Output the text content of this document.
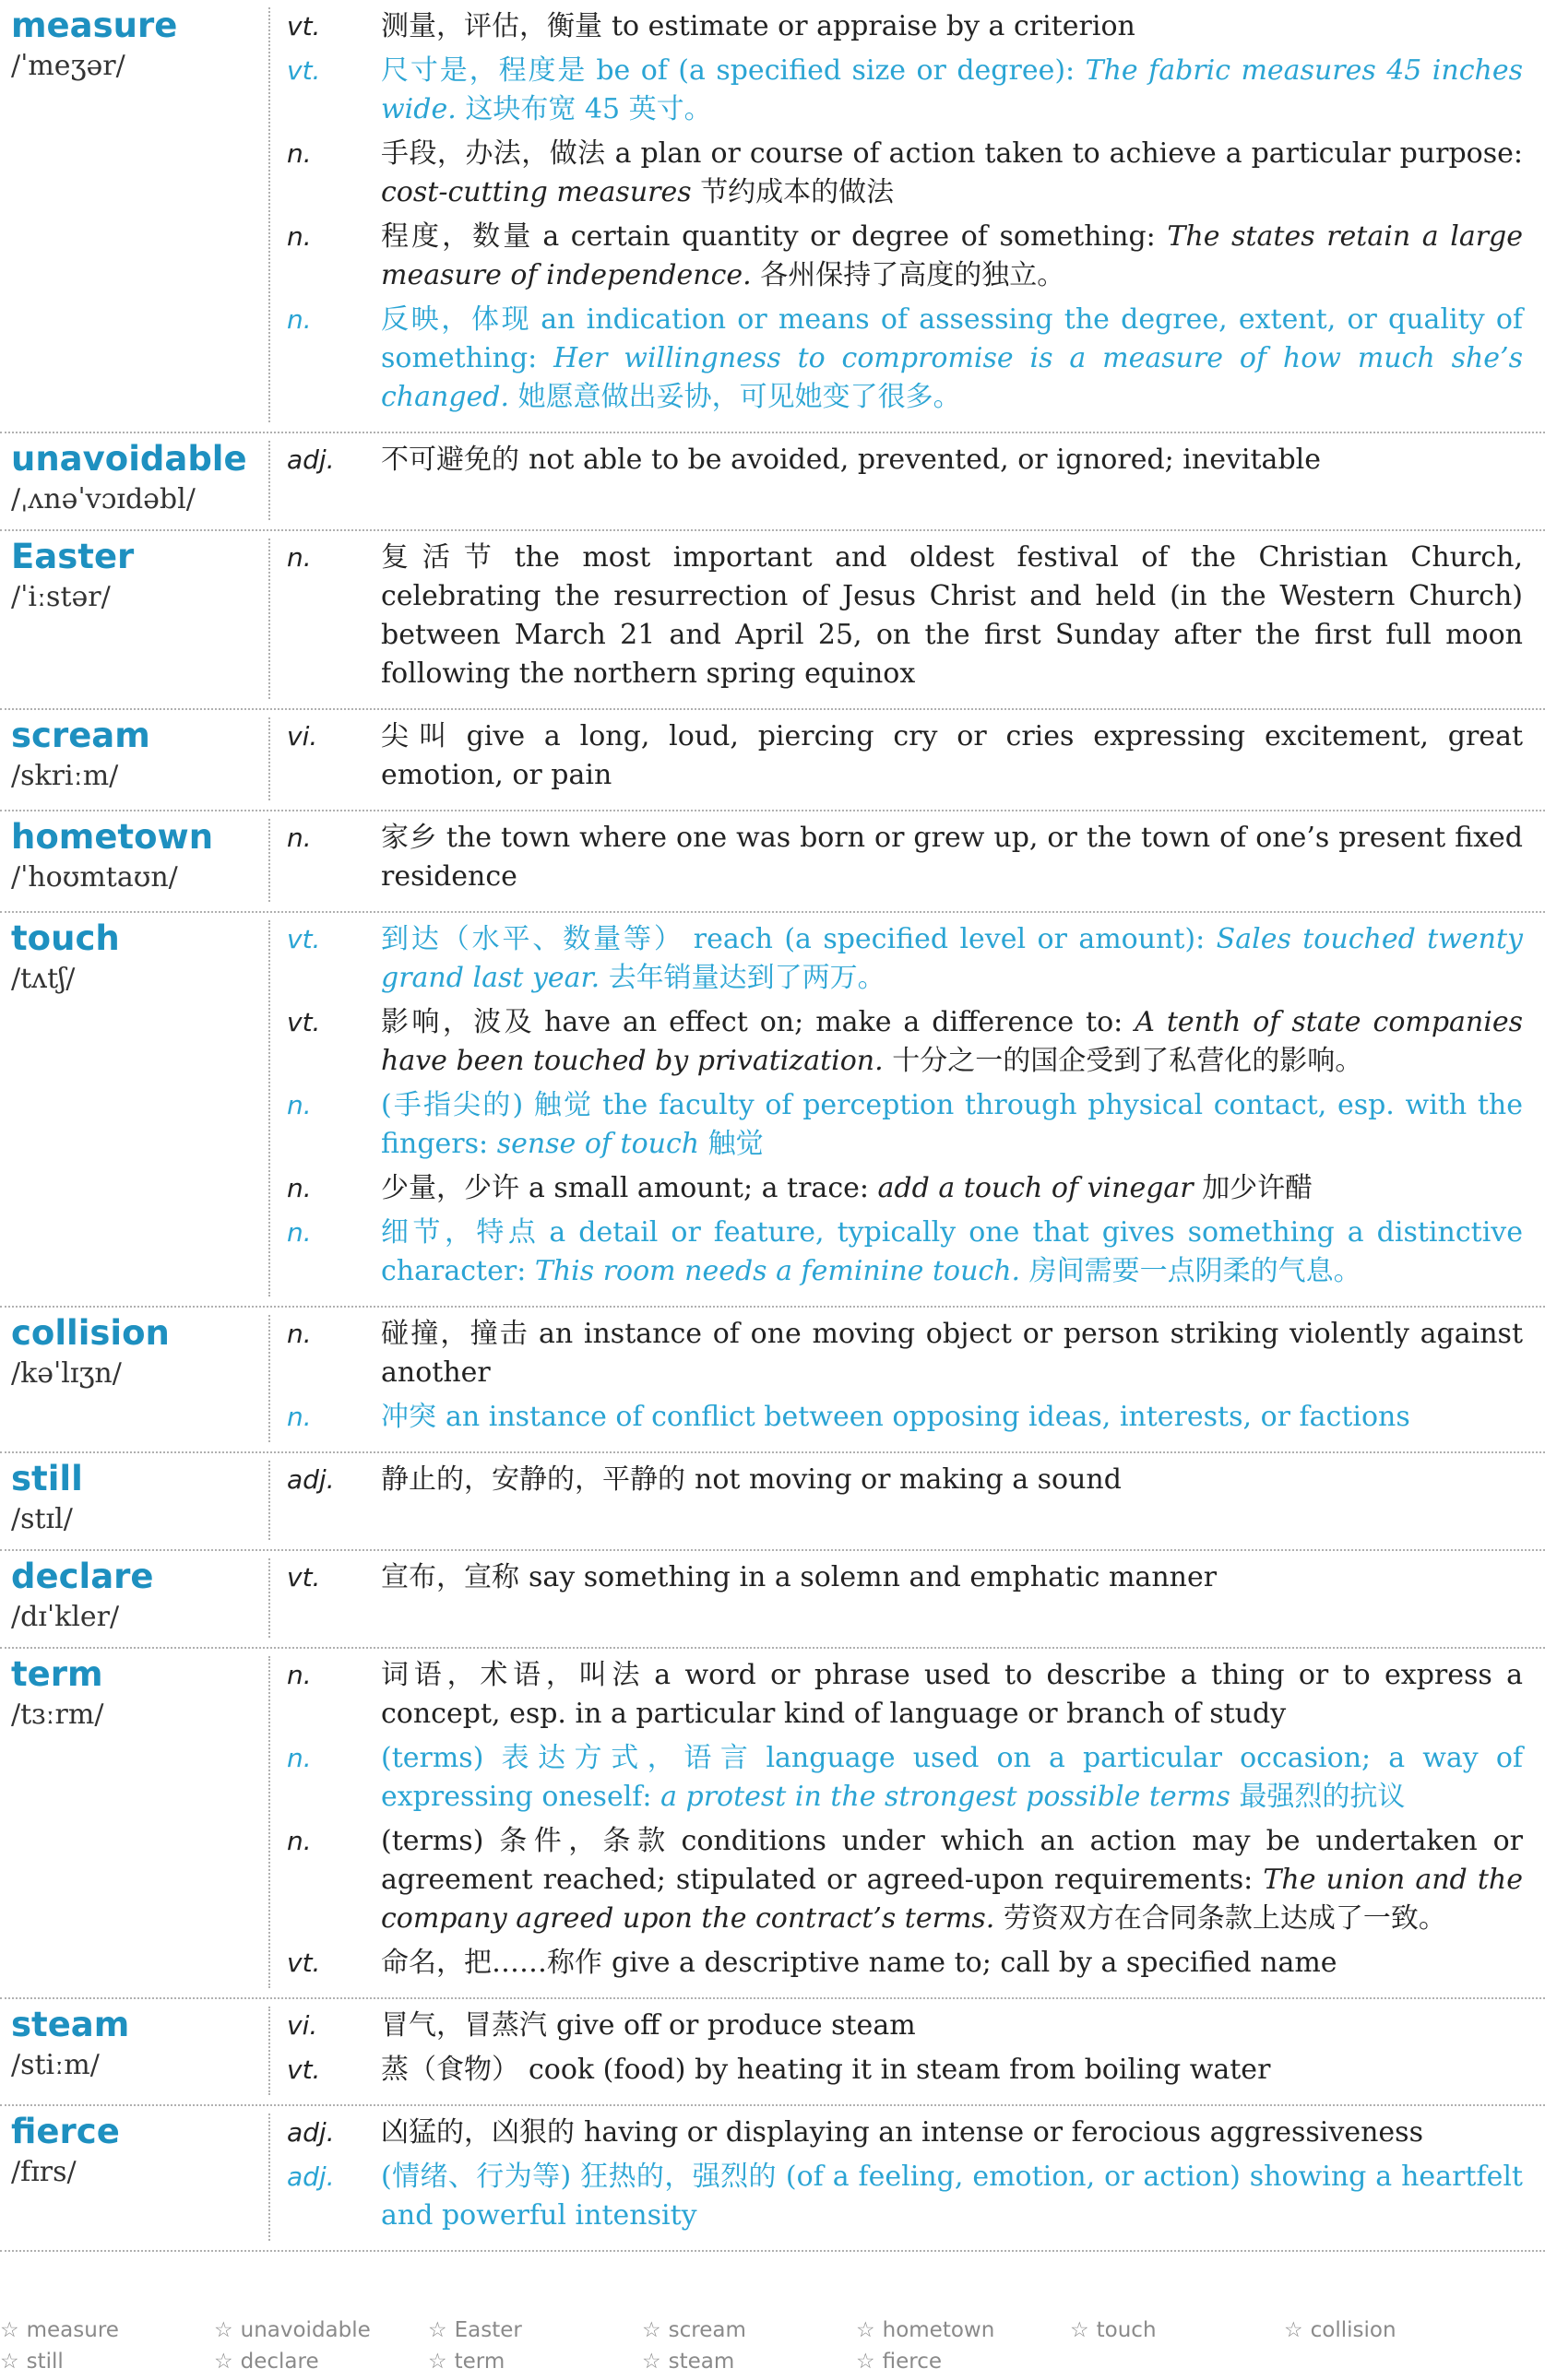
measure
/ˈmeʒər/
vt.	测量，评估，衡量 to estimate or appraise by a criterion
vt.	尺寸是，程度是 be of (a specified size or degree): The fabric measures 45 inches wide. 这块布宽 45 英寸。
n.	手段，办法，做法 a plan or course of action taken to achieve a particular purpose: cost-cutting measures 节约成本的做法
n.	程度，数量 a certain quantity or degree of something: The states retain a large measure of independence. 各州保持了高度的独立。
n.	反映，体现 an indication or means of assessing the degree, extent, or quality of something: Her willingness to compromise is a measure of how much she’s changed. 她愿意做出妥协，可见她变了很多。
unavoidable
/ˌʌnəˈvɔɪdəbl/
adj.	不可避免的 not able to be avoided, prevented, or ignored; inevitable
Easter
/ˈiːstər/
n.	复活节 the most important and oldest festival of the Christian Church, celebrating the resurrection of Jesus Christ and held (in the Western Church) between March 21 and April 25, on the first Sunday after the first full moon following the northern spring equinox
scream
/skriːm/
vi.	尖叫 give a long, loud, piercing cry or cries expressing excitement, great emotion, or pain
hometown
/ˈhoʊmtaʊn/
n.	家乡 the town where one was born or grew up, or the town of one’s present fixed residence
touch
/tʌtʃ/
vt.	到达（水平、数量等） reach (a specified level or amount): Sales touched twenty grand last year. 去年销量达到了两万。
vt.	影响，波及 have an effect on; make a difference to: A tenth of state companies have been touched by privatization. 十分之一的国企受到了私营化的影响。
n.	(手指尖的) 触觉 the faculty of perception through physical contact, esp. with the fingers: sense of touch 触觉
n.	少量，少许 a small amount; a trace: add a touch of vinegar 加少许醋
n.	细节，特点 a detail or feature, typically one that gives something a distinctive character: This room needs a feminine touch. 房间需要一点阴柔的气息。
collision
/kəˈlɪʒn/
n.	碰撞，撞击 an instance of one moving object or person striking violently against another
n.	冲突 an instance of conflict between opposing ideas, interests, or factions
still
/stɪl/
adj.	静止的，安静的，平静的 not moving or making a sound
declare
/dɪˈkler/
vt.	宣布，宣称 say something in a solemn and emphatic manner
term
/tɜːrm/
n.	词语，术语，叫法 a word or phrase used to describe a thing or to express a concept, esp. in a particular kind of language or branch of study
n.	(terms) 表达方式，语言 language used on a particular occasion; a way of expressing oneself: a protest in the strongest possible terms 最强烈的抗议
n.	(terms) 条件，条款 conditions under which an action may be undertaken or agreement reached; stipulated or agreed-upon requirements: The union and the company agreed upon the contract’s terms. 劳资双方在合同条款上达成了一致。
vt.	命名，把……称作 give a descriptive name to; call by a specified name
steam
/stiːm/
vi.	冒气，冒蒸汽 give off or produce steam
vt.	蒸（食物） cook (food) by heating it in steam from boiling water
fierce
/fɪrs/
adj.	凶猛的，凶狠的 having or displaying an intense or ferocious aggressiveness
adj.	(情绪、行为等) 狂热的，强烈的 (of a feeling, emotion, or action) showing a heartfelt and powerful intensity
☆ measure	☆ unavoidable	☆ Easter	☆ scream	☆ hometown	☆ touch	☆ collision
☆ still	☆ declare	☆ term	☆ steam	☆ fierce
